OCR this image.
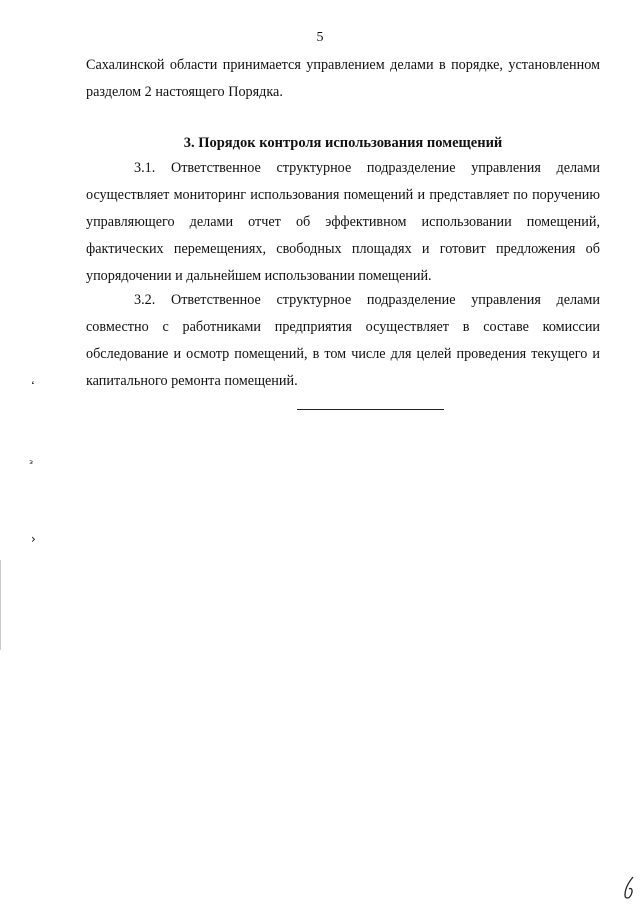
5

Сахалинской области принимается управлением делами в порядке, установленном разделом 2 настоящего Порядка.

3. Порядок контроля использования помещений

3.1. Ответственное структурное подразделение управления делами осуществляет мониторинг использования помещений и представляет по поручению управляющего делами отчет об эффективном использовании помещений, фактических перемещениях, свободных площадях и готовит предложения об упорядочении и дальнейшем использовании помещений.

3.2. Ответственное структурное подразделение управления делами совместно с работниками предприятия осуществляет в составе комиссии обследование и осмотр помещений, в том числе для целей проведения текущего и капитального ремонта помещений.

ᵌ
›
